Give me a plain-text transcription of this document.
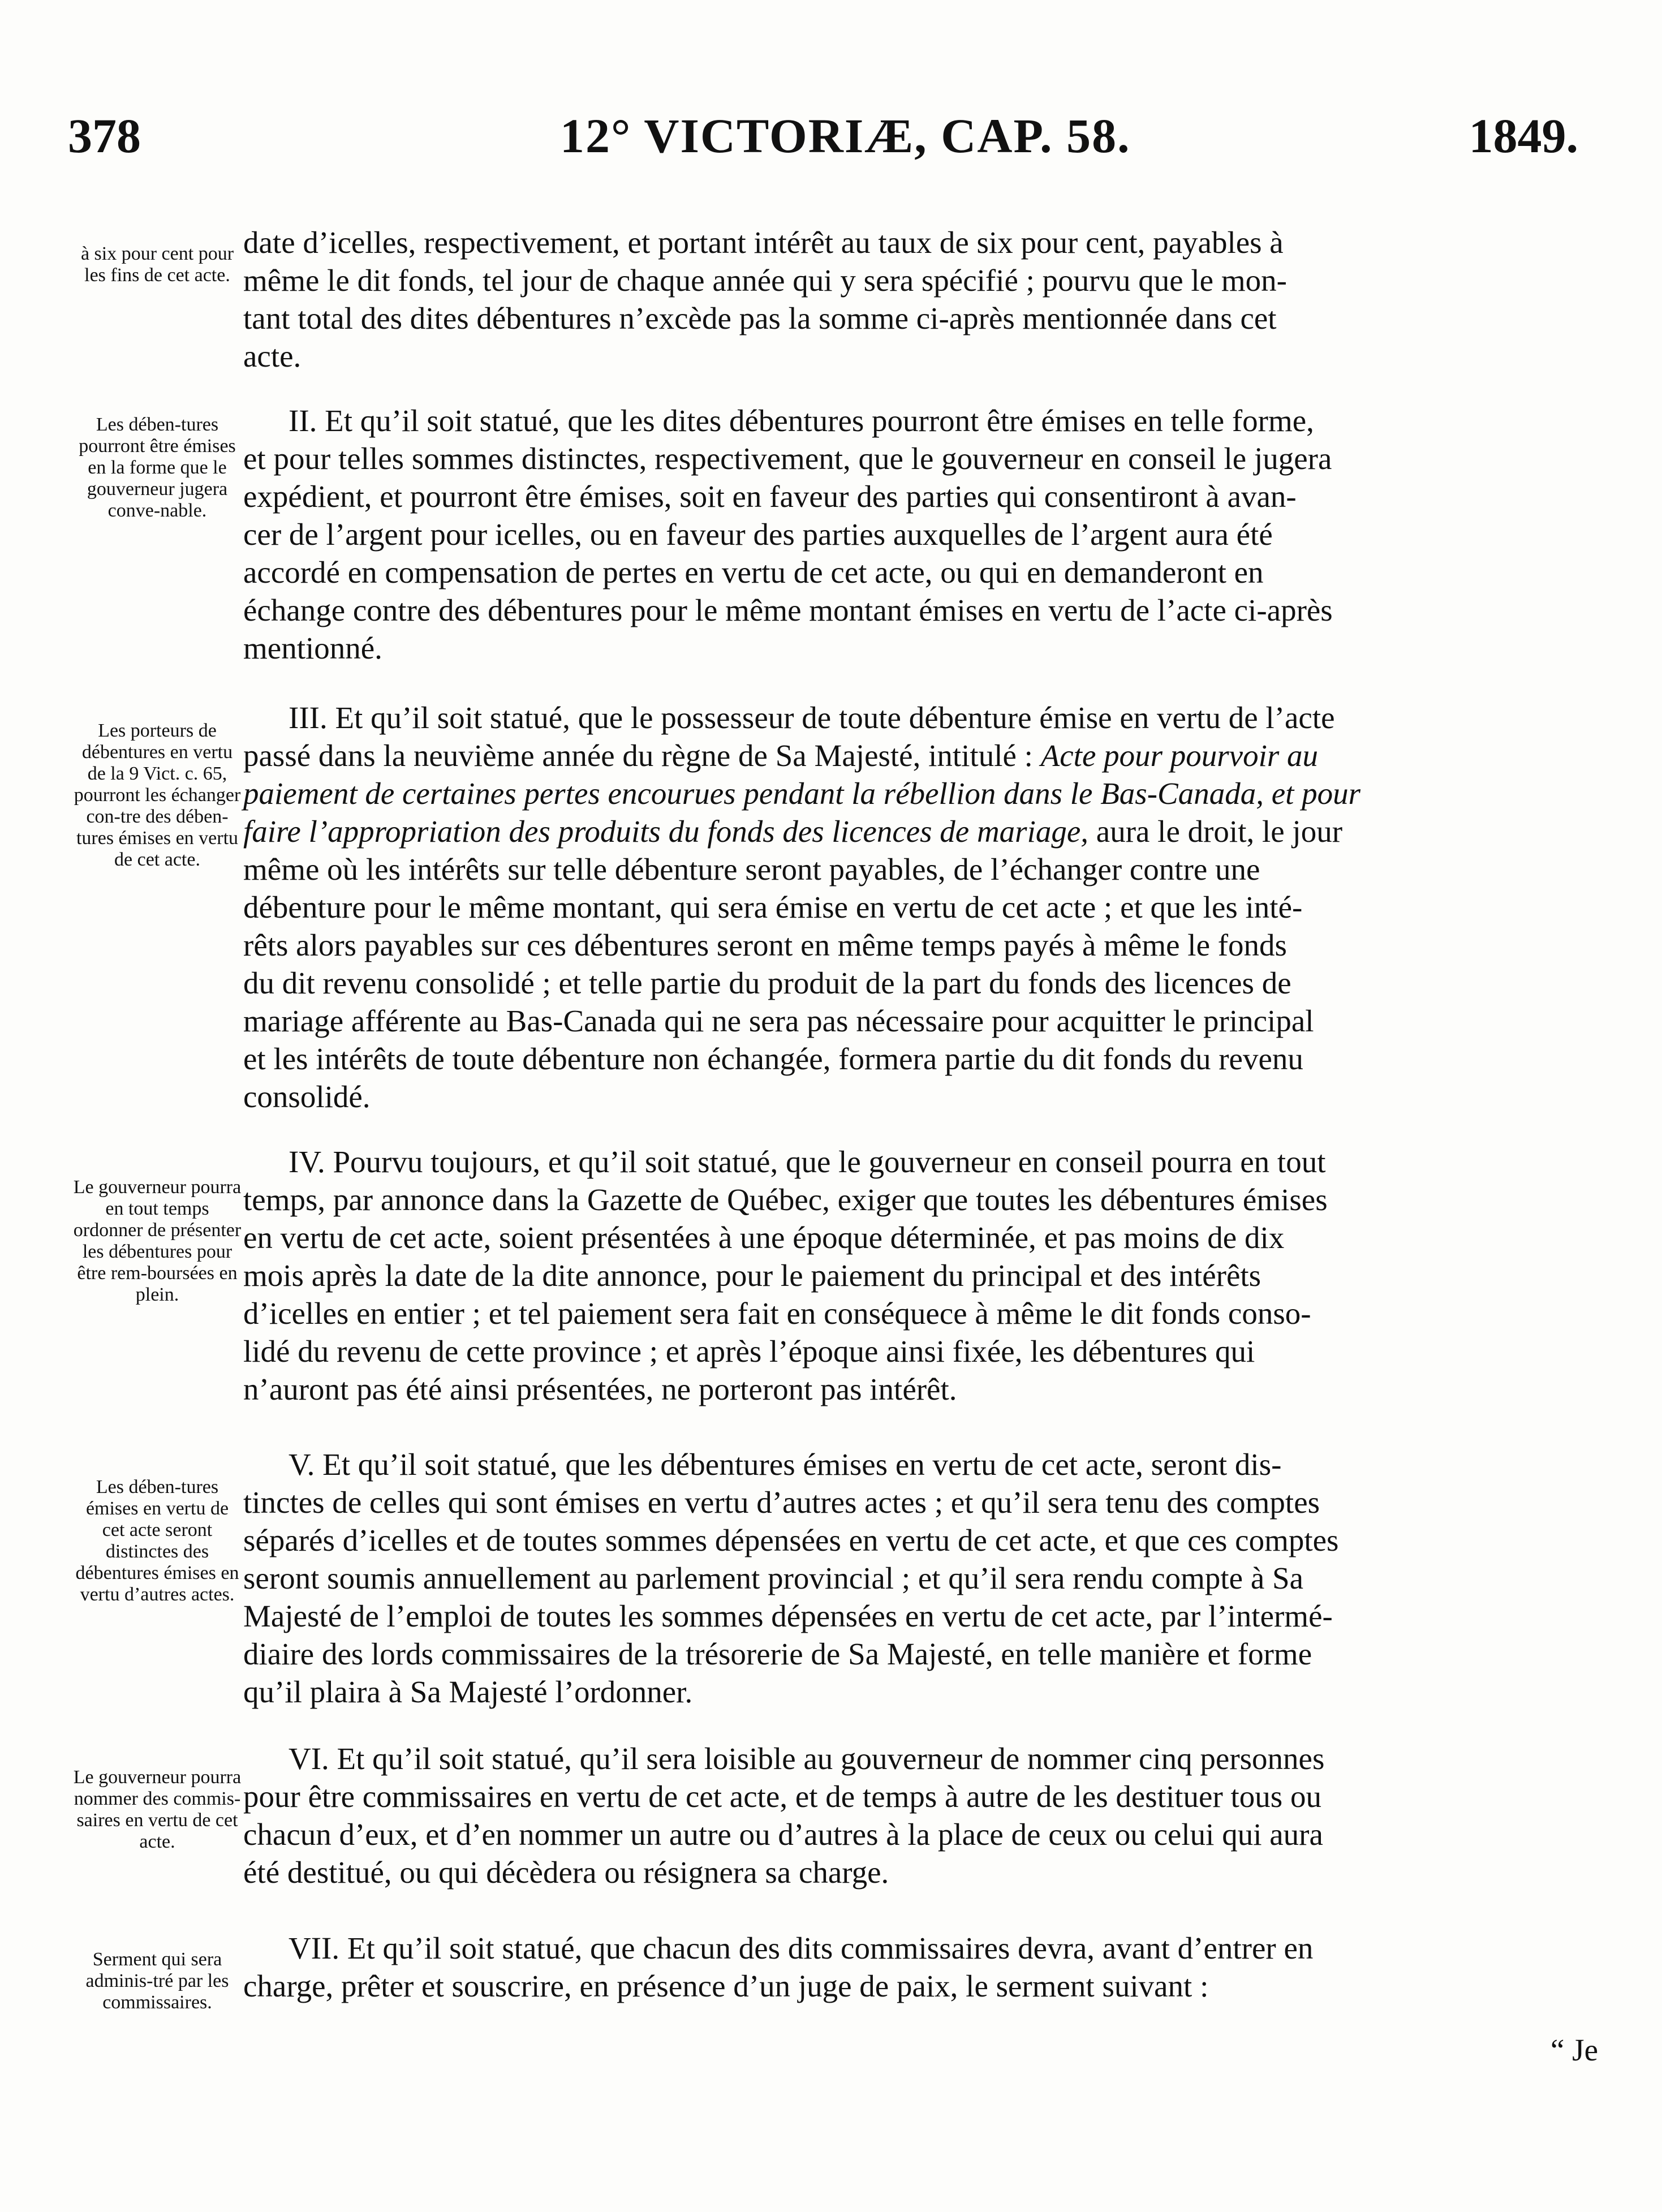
378	12° VICTORIÆ, CAP. 58.	1849.
à six pour cent pour les fins de cet acte.
date d’icelles, respectivement, et portant intérêt au taux de six pour cent, payables à
même le dit fonds, tel jour de chaque année qui y sera spécifié ; pourvu que le mon-
tant total des dites débentures n’excède pas la somme ci-après mentionnée dans cet
acte.
Les dében-tures pourront être émises en la forme que le gouverneur jugera conve-nable.
II. Et qu’il soit statué, que les dites débentures pourront être émises en telle forme,
et pour telles sommes distinctes, respectivement, que le gouverneur en conseil le jugera
expédient, et pourront être émises, soit en faveur des parties qui consentiront à avan-
cer de l’argent pour icelles, ou en faveur des parties auxquelles de l’argent aura été
accordé en compensation de pertes en vertu de cet acte, ou qui en demanderont en
échange contre des débentures pour le même montant émises en vertu de l’acte ci-après
mentionné.
Les porteurs de débentures en vertu de la 9 Vict. c. 65, pourront les échanger con-tre des dében-tures émises en vertu de cet acte.
III. Et qu’il soit statué, que le possesseur de toute débenture émise en vertu de l’acte
passé dans la neuvième année du règne de Sa Majesté, intitulé : Acte pour pourvoir au
paiement de certaines pertes encourues pendant la rébellion dans le Bas-Canada, et pour
faire l’appropriation des produits du fonds des licences de mariage, aura le droit, le jour
même où les intérêts sur telle débenture seront payables, de l’échanger contre une
débenture pour le même montant, qui sera émise en vertu de cet acte ; et que les inté-
rêts alors payables sur ces débentures seront en même temps payés à même le fonds
du dit revenu consolidé ; et telle partie du produit de la part du fonds des licences de
mariage afférente au Bas-Canada qui ne sera pas nécessaire pour acquitter le principal
et les intérêts de toute débenture non échangée, formera partie du dit fonds du revenu
consolidé.
Le gouverneur pourra en tout temps ordonner de présenter les débentures pour être rem-boursées en plein.
IV. Pourvu toujours, et qu’il soit statué, que le gouverneur en conseil pourra en tout
temps, par annonce dans la Gazette de Québec, exiger que toutes les débentures émises
en vertu de cet acte, soient présentées à une époque déterminée, et pas moins de dix
mois après la date de la dite annonce, pour le paiement du principal et des intérêts
d’icelles en entier ; et tel paiement sera fait en conséquece à même le dit fonds conso-
lidé du revenu de cette province ; et après l’époque ainsi fixée, les débentures qui
n’auront pas été ainsi présentées, ne porteront pas intérêt.
Les dében-tures émises en vertu de cet acte seront distinctes des débentures émises en vertu d’autres actes.
V. Et qu’il soit statué, que les débentures émises en vertu de cet acte, seront dis-
tinctes de celles qui sont émises en vertu d’autres actes ; et qu’il sera tenu des comptes
séparés d’icelles et de toutes sommes dépensées en vertu de cet acte, et que ces comptes
seront soumis annuellement au parlement provincial ; et qu’il sera rendu compte à Sa
Majesté de l’emploi de toutes les sommes dépensées en vertu de cet acte, par l’intermé-
diaire des lords commissaires de la trésorerie de Sa Majesté, en telle manière et forme
qu’il plaira à Sa Majesté l’ordonner.
Le gouverneur pourra nommer des commis-saires en vertu de cet acte.
VI. Et qu’il soit statué, qu’il sera loisible au gouverneur de nommer cinq personnes
pour être commissaires en vertu de cet acte, et de temps à autre de les destituer tous ou
chacun d’eux, et d’en nommer un autre ou d’autres à la place de ceux ou celui qui aura
été destitué, ou qui décèdera ou résignera sa charge.
Serment qui sera adminis-tré par les commissaires.
VII. Et qu’il soit statué, que chacun des dits commissaires devra, avant d’entrer en
charge, prêter et souscrire, en présence d’un juge de paix, le serment suivant :
“ Je
